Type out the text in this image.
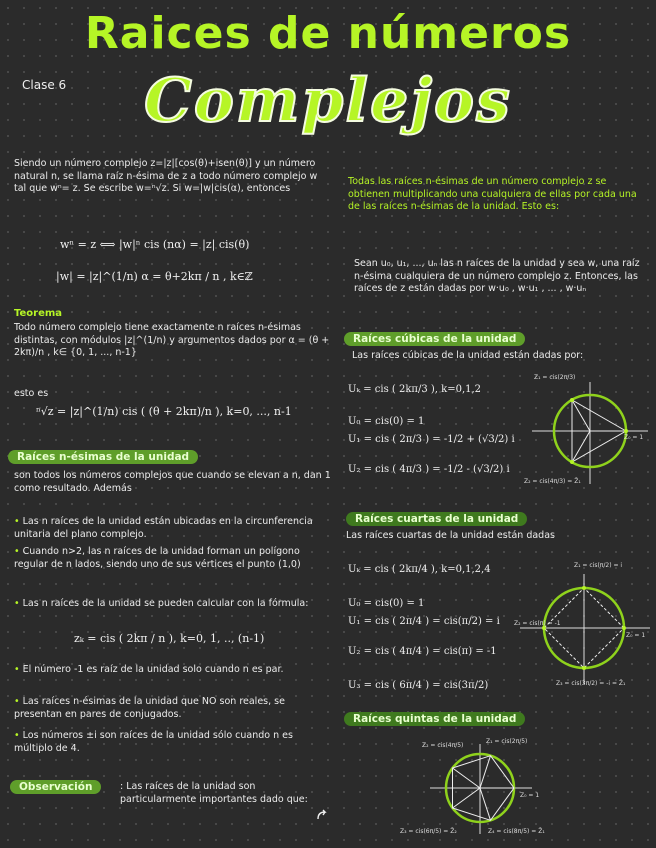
Raices de números
Complejos
Clase 6
Siendo un número complejo z=|z|[cos(θ)+isen(θ)] y un número natural n, se llama raíz n-ésima de z a todo número complejo w tal que wⁿ= z. Se escribe w=ⁿ√z. Si w=|w|cis(α), entonces
wⁿ = z ⟺ |w|ⁿ cis (nα) = |z| cis(θ)
|w| = |z|^(1/n) α = θ+2kπ / n , k∈ℤ
Teorema
Todo número complejo tiene exactamente n raíces n-ésimas distintas, con módulos |z|^(1/n) y argumentos dados por α = (θ + 2kπ)/n , k∈ {0, 1, ..., n-1}
esto es
ⁿ√z = |z|^(1/n) cis ( (θ + 2kπ)/n ), k=0, ..., n-1
Raíces n-ésimas de la unidad
son todos los números complejos que cuando se elevan a n, dan 1 como resultado. Además
• Las n raíces de la unidad están ubicadas en la circunferencia unitaria del plano complejo.
• Cuando n>2, las n raíces de la unidad forman un polígono regular de n lados, siendo uno de sus vértices el punto (1,0)
• Las n raíces de la unidad se pueden calcular con la fórmula:
zₖ = cis ( 2kπ / n ), k=0, 1, .., (n-1)
• El número -1 es raíz de la unidad solo cuando n es par.
• Las raíces n-ésimas de la unidad que NO son reales, se presentan en pares de conjugados.
• Los números ±i son raíces de la unidad sólo cuando n es múltiplo de 4.
Observación	: Las raíces de la unidad son particularmente importantes dado que:
Todas las raíces n-ésimas de un número complejo z se obtienen multiplicando una cualquiera de ellas por cada una de las raíces n-ésimas de la unidad. Esto es:
Sean u₀, u₁, ..., uₙ las n raíces de la unidad y sea w, una raíz n-ésima cualquiera de un número complejo z. Entonces, las raíces de z están dadas por w·u₀ , w·u₁ , ... , w·uₙ
Raíces cúbicas de la unidad
Las raíces cúbicas de la unidad están dadas por:
Uₖ = cis ( 2kπ/3 ), k=0,1,2
U₀ = cis(0) = 1
U₁ = cis ( 2π/3 ) = -1/2 + (√3/2) i
U₂ = cis ( 4π/3 ) = -1/2 - (√3/2) i
Z₁ = cis(2π/3)
Z₀ = 1
Z₂ = cis(4π/3) = Z̄₁
Raíces cuartas de la unidad
Las raíces cuartas de la unidad están dadas
Uₖ = cis ( 2kπ/4 ), k=0,1,2,4
U₀ = cis(0) = 1
U₁ = cis ( 2π/4 ) = cis(π/2) = i
U₂ = cis ( 4π/4 ) = cis(π) = -1
U₃ = cis ( 6π/4 ) = cis(3π/2)
Z₁ = cis(π/2) = i
Z₀ = 1
Z₂ = cis(π) = -1
Z₃ = cis(3π/2) = -i = Z̄₁
Raíces quintas de la unidad
Z₂ = cis(4π/5)
Z₁ = cis(2π/5)
Z₀ = 1
Z₃ = cis(6π/5) = Z̄₂	Z₄ = cis(8π/5) = Z̄₁
